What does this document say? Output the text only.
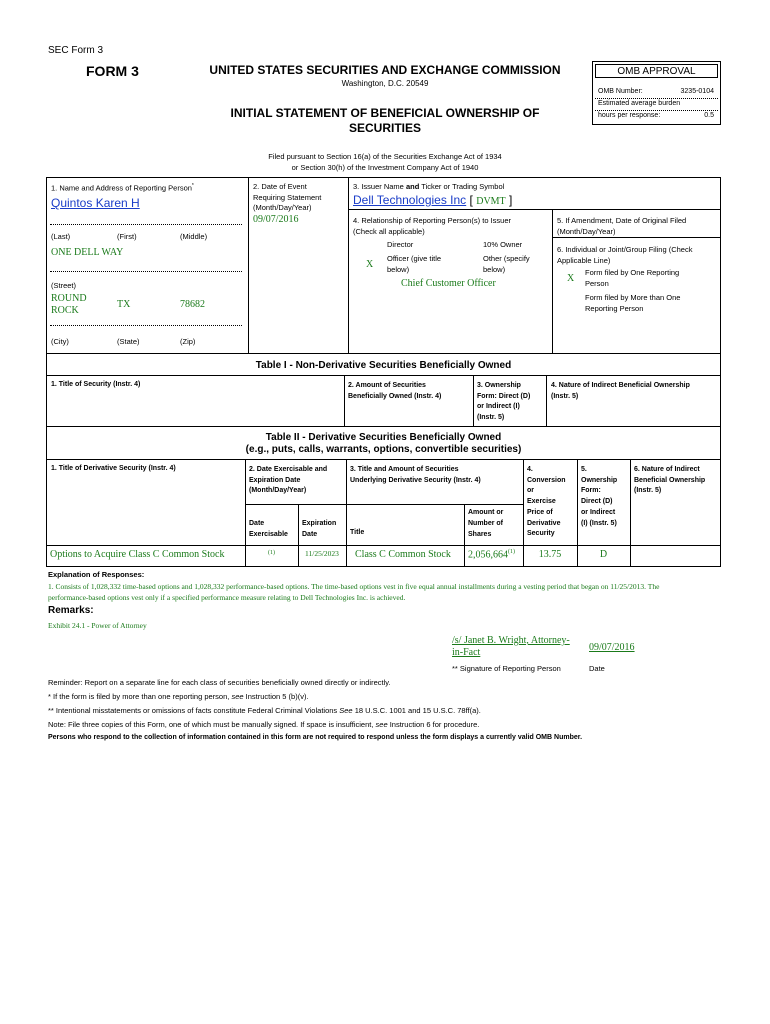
SEC Form 3
FORM 3	UNITED STATES SECURITIES AND EXCHANGE COMMISSION
Washington, D.C. 20549
INITIAL STATEMENT OF BENEFICIAL OWNERSHIP OF
SECURITIES
OMB APPROVAL
OMB Number:	3235-0104
Estimated average burden
hours per response:	0.5
Filed pursuant to Section 16(a) of the Securities Exchange Act of 1934
or Section 30(h) of the Investment Company Act of 1940
1. Name and Address of Reporting Person*
Quintos Karen H
(Last)	(First)	(Middle)
ONE DELL WAY
(Street)
ROUND
ROCK
TX	78682
(City)	(State)	(Zip)
2. Date of Event
Requiring Statement
(Month/Day/Year)
09/07/2016
3. Issuer Name and Ticker or Trading Symbol
Dell Technologies Inc [ DVMT ]
4. Relationship of Reporting Person(s) to Issuer
(Check all applicable)
Director	10% Owner
X
Officer (give title
below)
Other (specify
below)
Chief Customer Officer
5. If Amendment, Date of Original Filed
(Month/Day/Year)
6. Individual or Joint/Group Filing (Check
Applicable Line)
X
Form filed by One Reporting
Person
Form filed by More than One
Reporting Person
Table I - Non-Derivative Securities Beneficially Owned
1. Title of Security (Instr. 4)	2. Amount of Securities
Beneficially Owned (Instr. 4)
3. Ownership
Form: Direct (D)
or Indirect (I)
(Instr. 5)
4. Nature of Indirect Beneficial Ownership
(Instr. 5)
Table II - Derivative Securities Beneficially Owned
(e.g., puts, calls, warrants, options, convertible securities)
1. Title of Derivative Security (Instr. 4)	2. Date Exercisable and
Expiration Date
(Month/Day/Year)
3. Title and Amount of Securities
Underlying Derivative Security (Instr. 4)
4.
Conversion
or
Exercise
Price of
Derivative
Security
5.
Ownership
Form:
Direct (D)
or Indirect
(I) (Instr. 5)
6. Nature of Indirect
Beneficial Ownership
(Instr. 5)
Date
Exercisable
Expiration
Date	Title
Amount or
Number of
Shares
Options to Acquire Class C Common Stock	(1)	11/25/2023	Class C Common Stock 2,056,664$^{(1)}$	13.75	D
Explanation of Responses:
1. Consists of 1,028,332 time-based options and 1,028,332 performance-based options. The time-based options vest in five equal annual installments during a vesting period that began on 11/25/2013. The
performance-based options vest only if a specified performance measure relating to Dell Technologies Inc. is achieved.
Remarks:
Exhibit 24.1 - Power of Attorney
/s/ Janet B. Wright, Attorney-
in-Fact	09/07/2016
** Signature of Reporting Person	Date
Reminder: Report on a separate line for each class of securities beneficially owned directly or indirectly.
* If the form is filed by more than one reporting person, see Instruction 5 (b)(v).
** Intentional misstatements or omissions of facts constitute Federal Criminal Violations See 18 U.S.C. 1001 and 15 U.S.C. 78ff(a).
Note: File three copies of this Form, one of which must be manually signed. If space is insufficient, see Instruction 6 for procedure.
Persons who respond to the collection of information contained in this form are not required to respond unless the form displays a currently valid OMB Number.
